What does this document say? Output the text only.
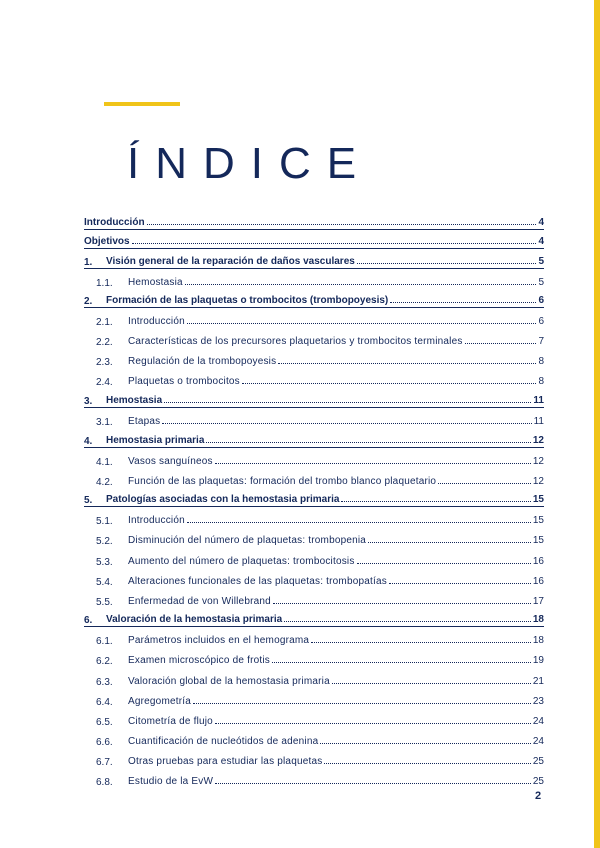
ÍNDICE
Introducción	4
Objetivos	4
1.	Visión general de la reparación de daños vasculares	5
1.1.	Hemostasia	5
2.	Formación de las plaquetas o trombocitos (trombopoyesis)	6
2.1.	Introducción	6
2.2.	Características de los precursores plaquetarios y trombocitos terminales	7
2.3.	Regulación de la trombopoyesis	8
2.4.	Plaquetas o trombocitos	8
3.	Hemostasia	11
3.1.	Etapas	11
4.	Hemostasia primaria	12
4.1.	Vasos sanguíneos	12
4.2.	Función de las plaquetas: formación del trombo blanco plaquetario	12
5.	Patologías asociadas con la hemostasia primaria	15
5.1.	Introducción	15
5.2.	Disminución del número de plaquetas: trombopenia	15
5.3.	Aumento del número de plaquetas: trombocitosis	16
5.4.	Alteraciones funcionales de las plaquetas: trombopatías	16
5.5.	Enfermedad de von Willebrand	17
6.	Valoración de la hemostasia primaria	18
6.1.	Parámetros incluidos en el hemograma	18
6.2.	Examen microscópico de frotis	19
6.3.	Valoración global de la hemostasia primaria	21
6.4.	Agregometría	23
6.5.	Citometría de flujo	24
6.6.	Cuantificación de nucleótidos de adenina	24
6.7.	Otras pruebas para estudiar las plaquetas	25
6.8.	Estudio de la EvW	25
2
